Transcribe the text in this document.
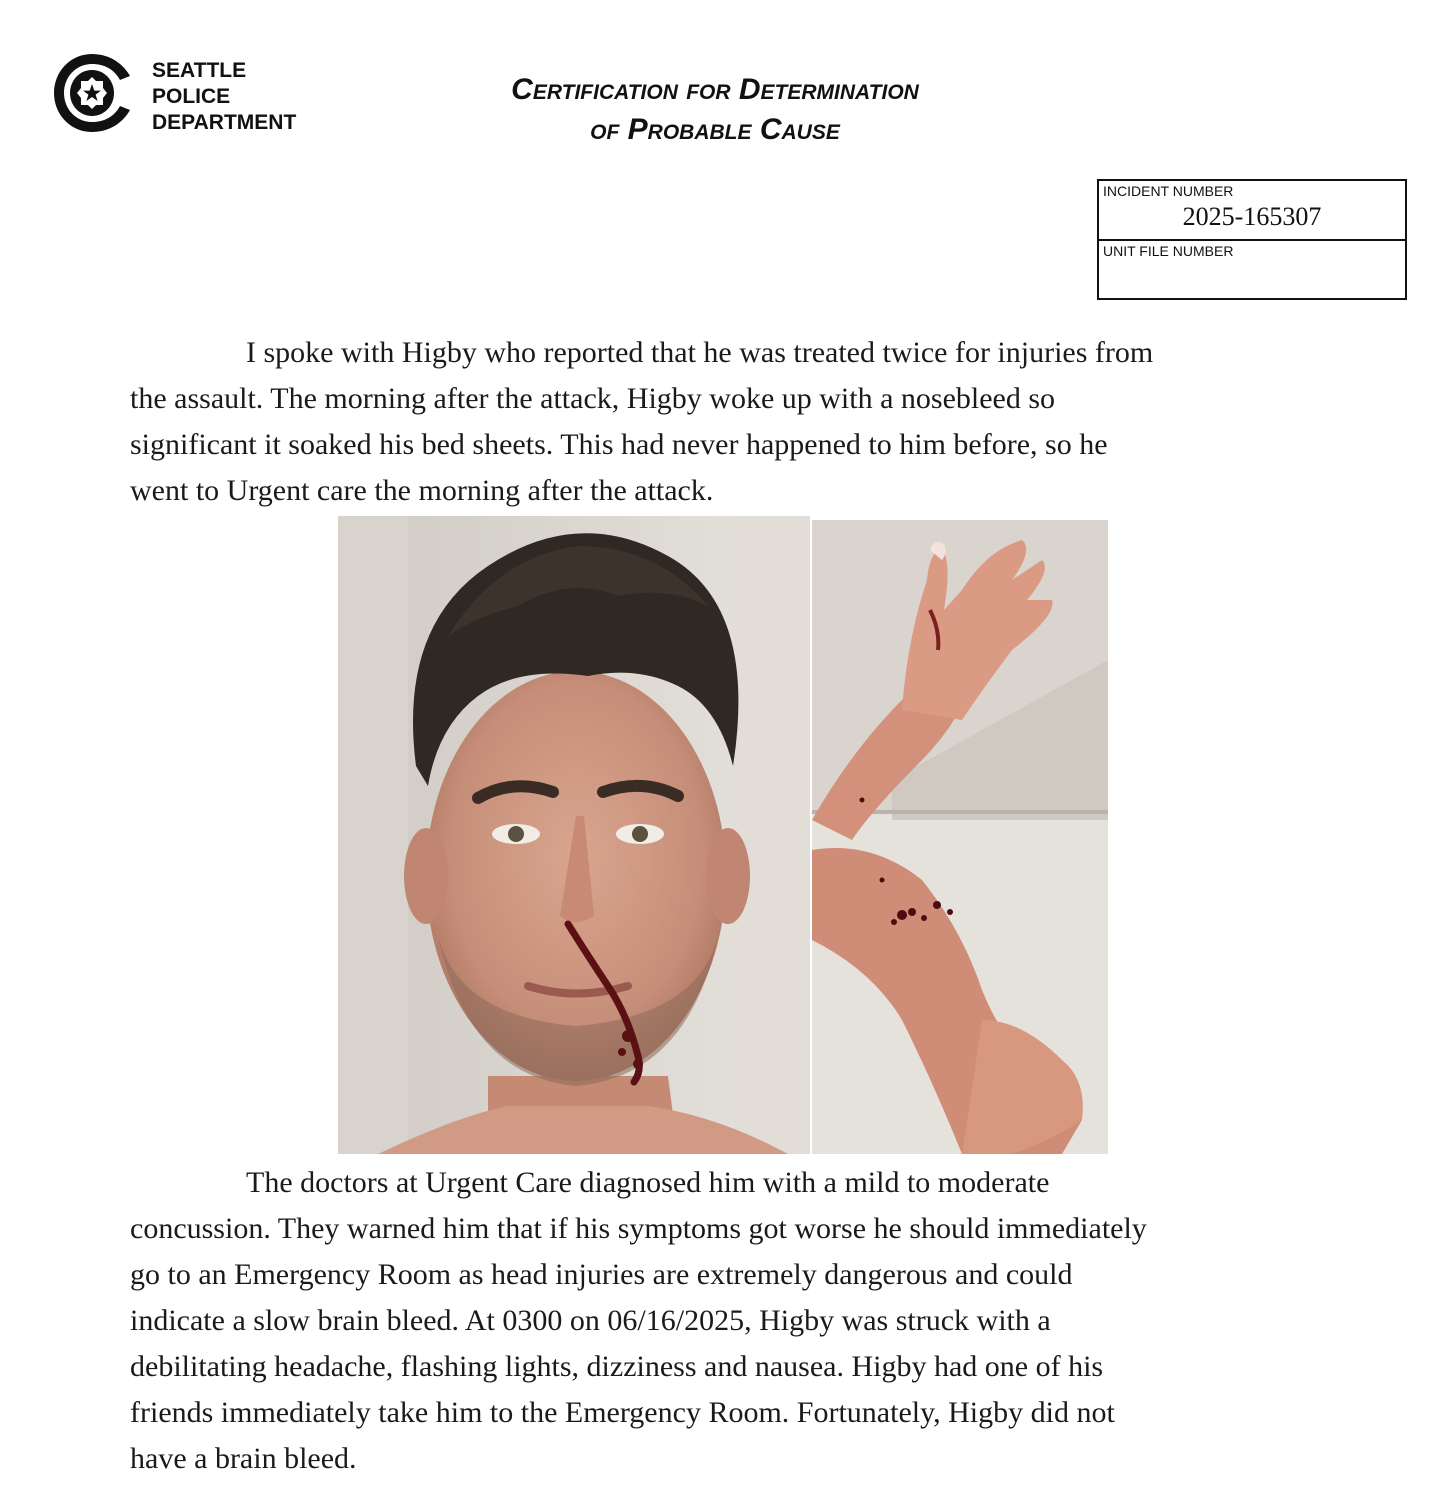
SEATTLE
POLICE
DEPARTMENT
Certification for Determination
of Probable Cause
INCIDENT NUMBER
2025-165307
UNIT FILE NUMBER
I spoke with Higby who reported that he was treated twice for injuries from
the assault. The morning after the attack, Higby woke up with a nosebleed so
significant it soaked his bed sheets. This had never happened to him before, so he
went to Urgent care the morning after the attack.
The doctors at Urgent Care diagnosed him with a mild to moderate
concussion. They warned him that if his symptoms got worse he should immediately
go to an Emergency Room as head injuries are extremely dangerous and could
indicate a slow brain bleed. At 0300 on 06/16/2025, Higby was struck with a
debilitating headache, flashing lights, dizziness and nausea. Higby had one of his
friends immediately take him to the Emergency Room. Fortunately, Higby did not
have a brain bleed.
